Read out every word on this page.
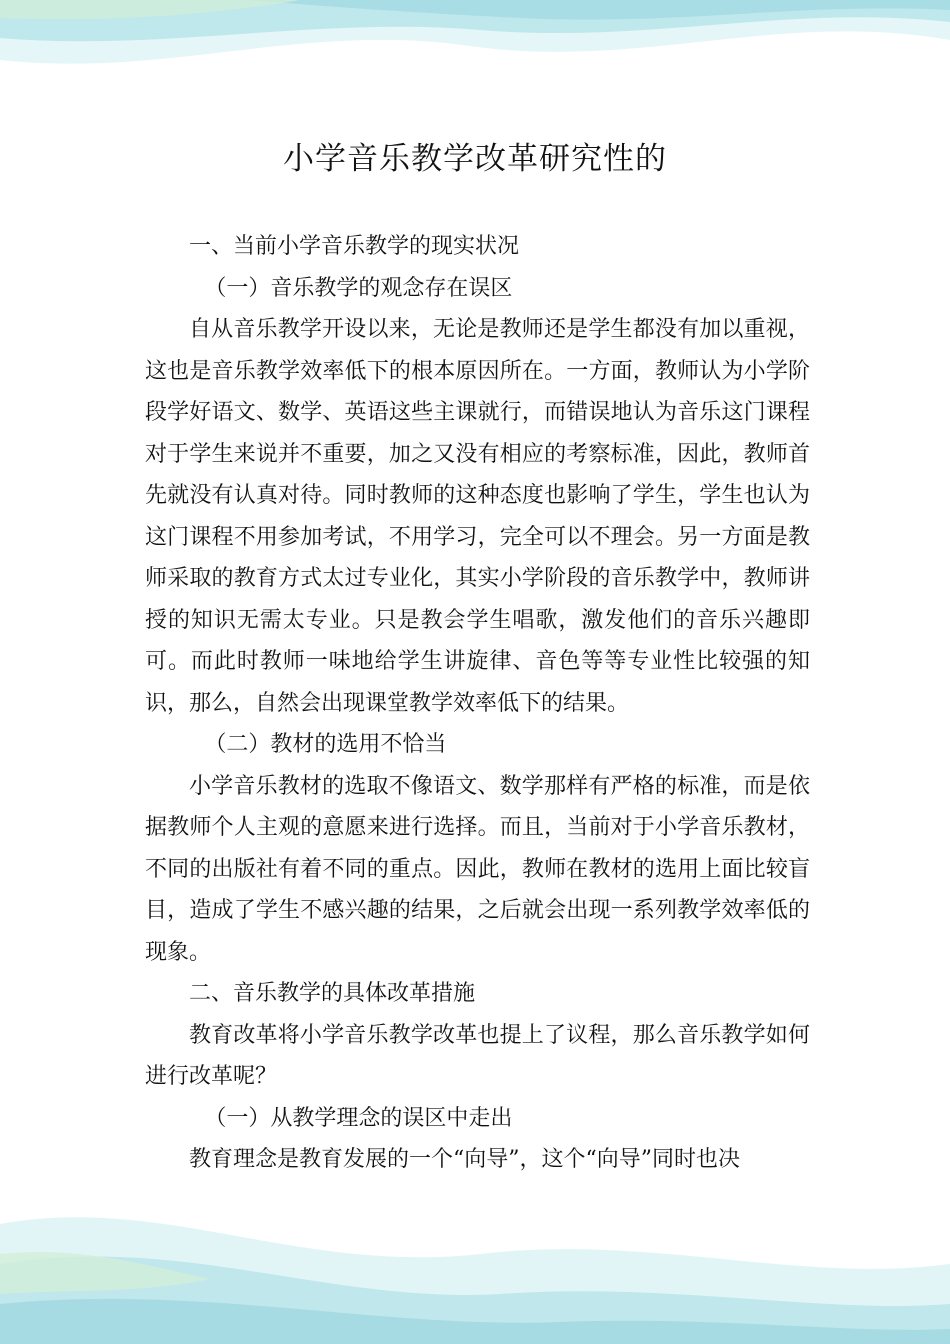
小学音乐教学改革研究性的

一、当前小学音乐教学的现实状况

（一）音乐教学的观念存在误区

自从音乐教学开设以来，无论是教师还是学生都没有加以重视，这也是音乐教学效率低下的根本原因所在。一方面，教师认为小学阶段学好语文、数学、英语这些主课就行，而错误地认为音乐这门课程对于学生来说并不重要，加之又没有相应的考察标准，因此，教师首先就没有认真对待。同时教师的这种态度也影响了学生，学生也认为这门课程不用参加考试，不用学习，完全可以不理会。另一方面是教师采取的教育方式太过专业化，其实小学阶段的音乐教学中，教师讲授的知识无需太专业。只是教会学生唱歌，激发他们的音乐兴趣即可。而此时教师一味地给学生讲旋律、音色等等专业性比较强的知识，那么，自然会出现课堂教学效率低下的结果。

（二）教材的选用不恰当

小学音乐教材的选取不像语文、数学那样有严格的标准，而是依据教师个人主观的意愿来进行选择。而且，当前对于小学音乐教材，不同的出版社有着不同的重点。因此，教师在教材的选用上面比较盲目，造成了学生不感兴趣的结果，之后就会出现一系列教学效率低的现象。

二、音乐教学的具体改革措施

教育改革将小学音乐教学改革也提上了议程，那么音乐教学如何进行改革呢？

（一）从教学理念的误区中走出

教育理念是教育发展的一个“向导”，这个“向导”同时也决
